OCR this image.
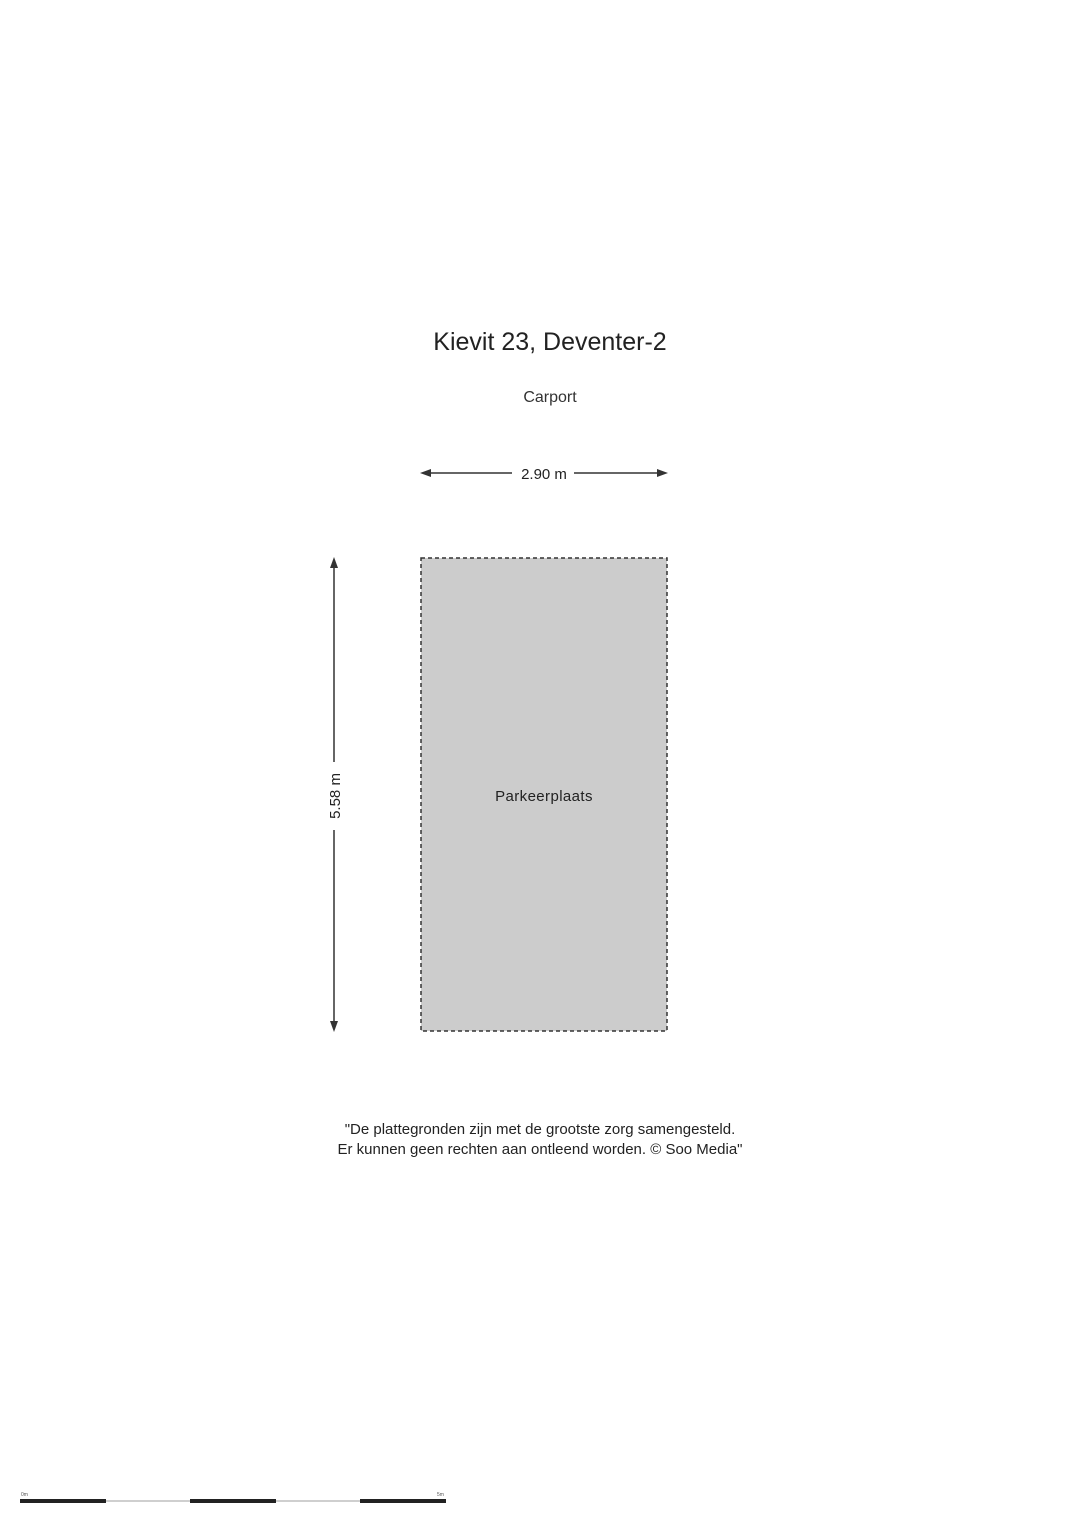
Kievit 23, Deventer-2
Carport
2.90 m
5.58 m	Parkeerplaats
0m	5m
"De plattegronden zijn met de grootste zorg samengesteld.
Er kunnen geen rechten aan ontleend worden. © Soo Media"
